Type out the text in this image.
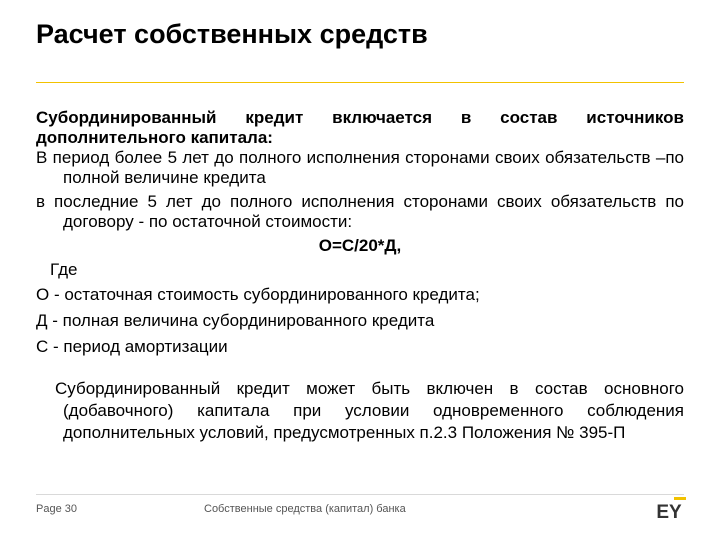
Расчет собственных средств

Субординированный кредит включается в состав источников дополнительного капитала:

В период более 5 лет до полного исполнения сторонами своих обязательств –по полной величине кредита

в последние 5 лет до полного исполнения сторонами своих обязательств по договору - по остаточной стоимости:

О=С/20*Д,

Где

О - остаточная стоимость субординированного кредита;

Д - полная величина субординированного кредита

С - период амортизации

Субординированный кредит может быть включен в состав основного (добавочного) капитала при условии одновременного соблюдения дополнительных условий, предусмотренных п.2.3 Положения № 395-П

Page 30	Собственные средства (капитал) банка	EY
